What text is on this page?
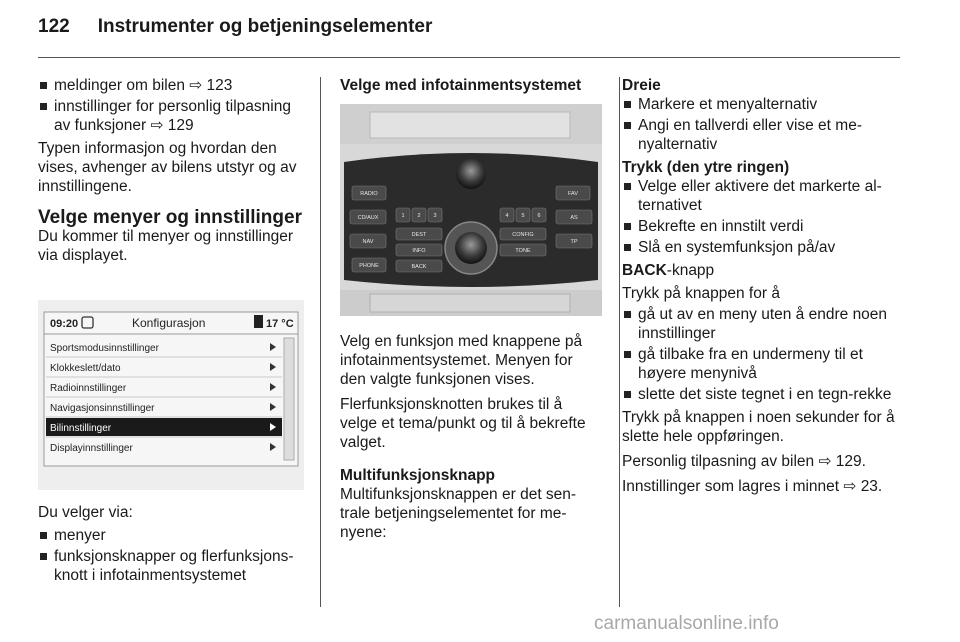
122 Instrumenter og betjeningselementer
meldinger om bilen ⇨ 123
innstillinger for personlig tilpasning av funksjoner ⇨ 129

Typen informasjon og hvordan den vises, avhenger av bilens utstyr og av innstillingene.

Velge menyer og innstillinger

Du kommer til menyer og innstillinger via displayet.

09:20	Konfigurasjon	17 °C
Sportsmodusinnstillinger
Klokkeslett/dato
Radioinnstillinger
Navigasjonsinnstillinger
Bilinnstillinger
Displayinnstillinger

Du velger via:

menyer
funksjonsknapper og flerfunksjons-knott i infotainmentsystemet
Velge med infotainmentsystemet
RADIO
CD/AUX
NAV
PHONE
FAV
AS
TP
1 2 3	4 5 6
DEST	CONFIG
INFO	TONE
BACK

Velg en funksjon med knappene på infotainmentsystemet. Menyen for den valgte funksjonen vises.

Flerfunksjonsknotten brukes til å velge et tema/punkt og til å bekrefte valget.

Multifunksjonsknapp

Multifunksjonsknappen er det sen-trale betjeningselementet for me-nyene:

Dreie
Markere et menyalternativ
Angi en tallverdi eller vise et me-nyalternativ
Trykk (den ytre ringen)
Velge eller aktivere det markerte al-ternativet
Bekrefte en innstilt verdi
Slå en systemfunksjon på/av

BACK-knapp

Trykk på knappen for å

gå ut av en meny uten å endre noen innstillinger
gå tilbake fra en undermeny til et høyere menynivå
slette det siste tegnet i en tegn-rekke

Trykk på knappen i noen sekunder for å slette hele oppføringen.

Personlig tilpasning av bilen ⇨ 129.

Innstillinger som lagres i minnet ⇨ 23.

carmanualsonline.info
